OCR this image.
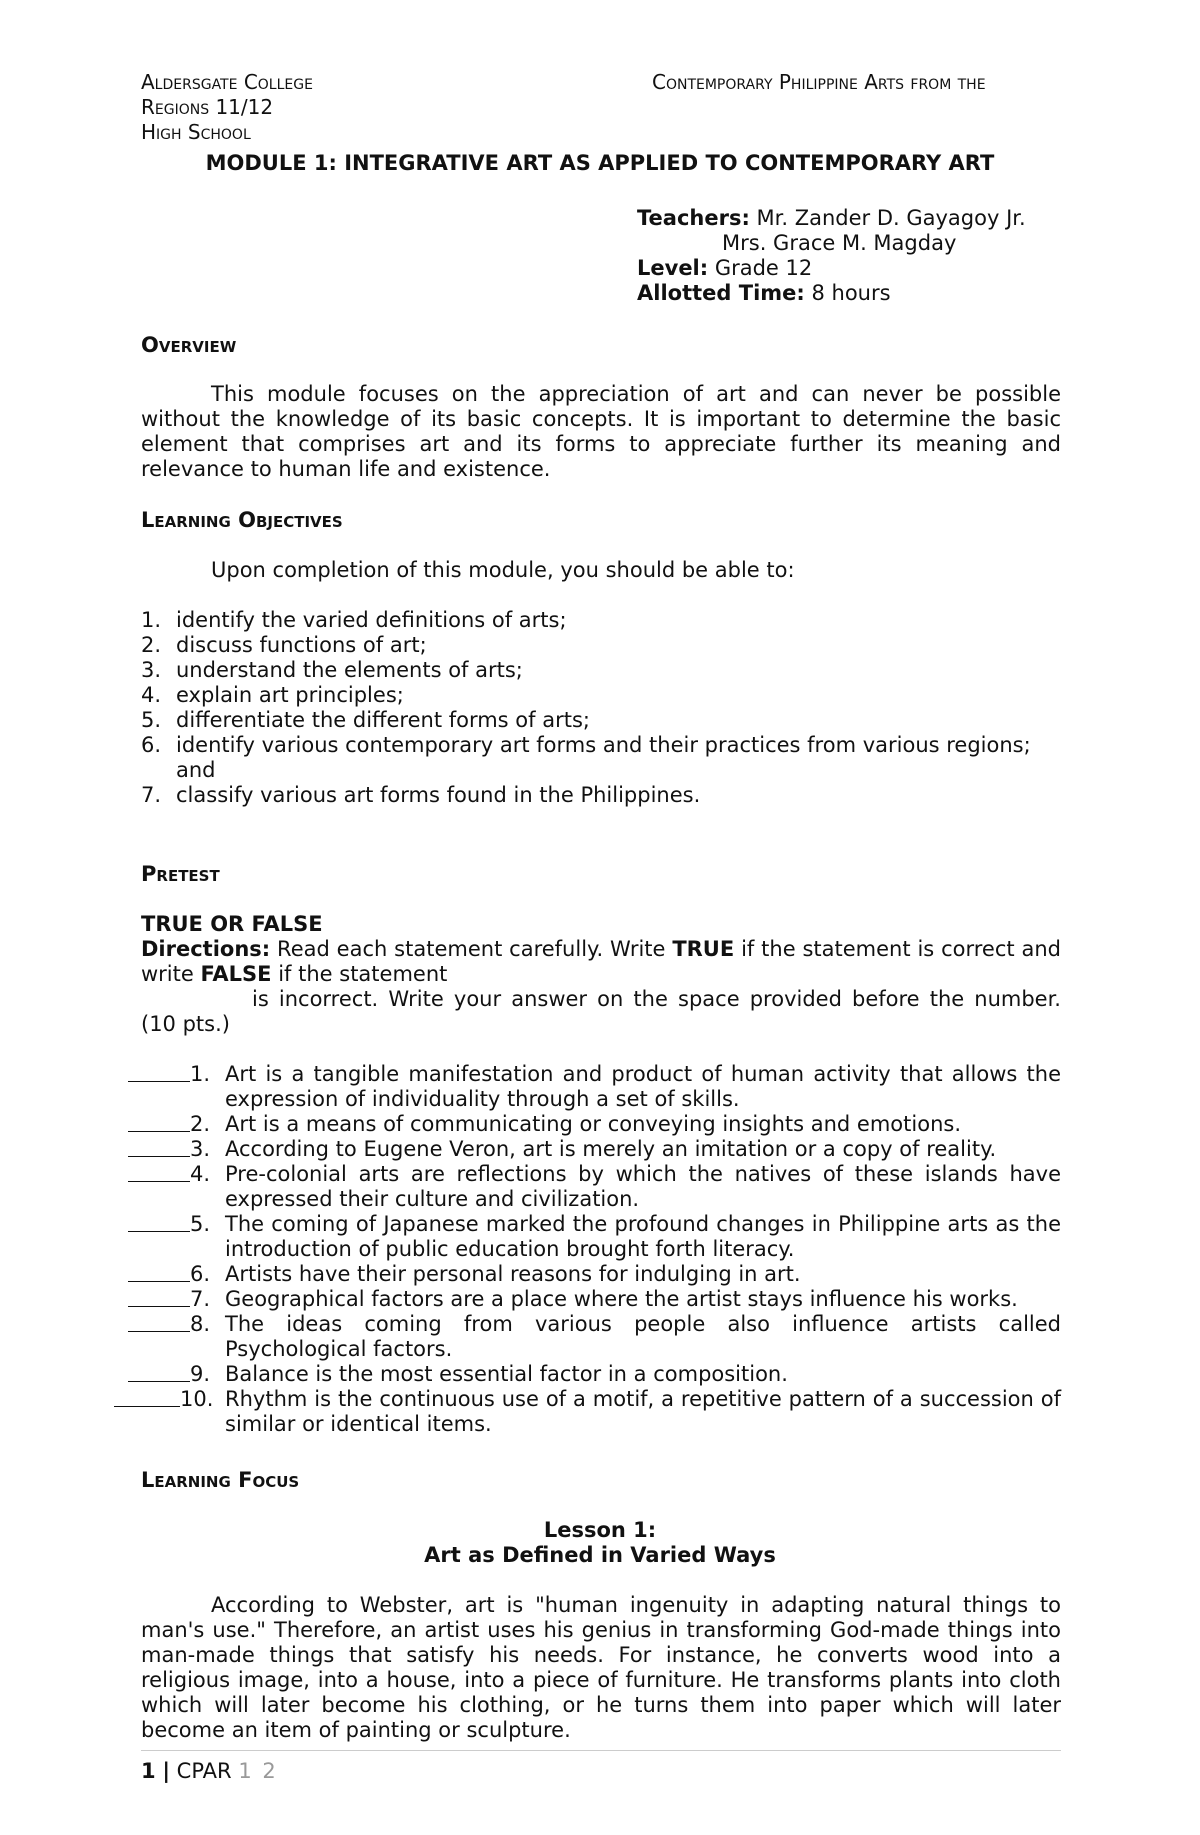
Aldersgate College
Regions 11/12
High School
Contemporary Philippine Arts from the
MODULE 1: INTEGRATIVE ART AS APPLIED TO CONTEMPORARY ART
Teachers: Mr. Zander D. Gayagoy Jr.
Mrs. Grace M. Magday
Level: Grade 12
Allotted Time: 8 hours
Overview
This module focuses on the appreciation of art and can never be possible without the knowledge of its basic concepts. It is important to determine the basic element that comprises art and its forms to appreciate further its meaning and relevance to human life and existence.
Learning Objectives
Upon completion of this module, you should be able to:
1. identify the varied definitions of arts;
2. discuss functions of art;
3. understand the elements of arts;
4. explain art principles;
5. differentiate the different forms of arts;
6. identify various contemporary art forms and their practices from various regions; and
7. classify various art forms found in the Philippines.
Pretest
TRUE OR FALSE
Directions: Read each statement carefully. Write TRUE if the statement is correct and write FALSE if the statement
is incorrect. Write your answer on the space provided before the number. (10 pts.)
1. Art is a tangible manifestation and product of human activity that allows the expression of individuality through a set of skills.
2. Art is a means of communicating or conveying insights and emotions.
3. According to Eugene Veron, art is merely an imitation or a copy of reality.
4. Pre-colonial arts are reflections by which the natives of these islands have expressed their culture and civilization.
5. The coming of Japanese marked the profound changes in Philippine arts as the introduction of public education brought forth literacy.
6. Artists have their personal reasons for indulging in art.
7. Geographical factors are a place where the artist stays influence his works.
8. The ideas coming from various people also influence artists called Psychological factors.
9. Balance is the most essential factor in a composition.
10. Rhythm is the continuous use of a motif, a repetitive pattern of a succession of similar or identical items.
Learning Focus
Lesson 1:
Art as Defined in Varied Ways
According to Webster, art is "human ingenuity in adapting natural things to man's use." Therefore, an artist uses his genius in transforming God-made things into man-made things that satisfy his needs. For instance, he converts wood into a religious image, into a house, into a piece of furniture. He transforms plants into cloth which will later become his clothing, or he turns them into paper which will later become an item of painting or sculpture.
1 | CPAR 1 2
